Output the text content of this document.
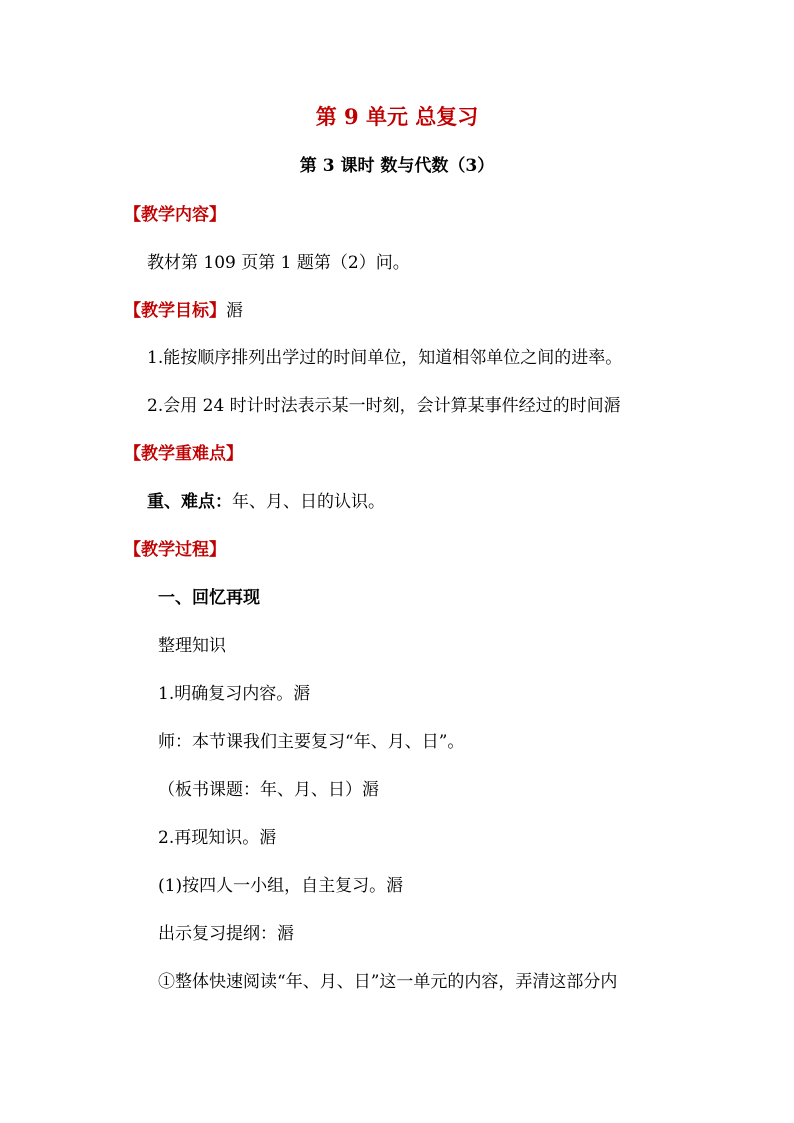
第 9 单元 总复习
第 3 课时 数与代数（3）
【教学内容】
教材第 109 页第 1 题第（2）问。
【教学目标】滣
1.能按顺序排列出学过的时间单位，知道相邻单位之间的进率。
2.会用 24 时计时法表示某一时刻，会计算某事件经过的时间滣
【教学重难点】
重、难点：年、月、日的认识。
【教学过程】
一、回忆再现
整理知识
1.明确复习内容。滣
师：本节课我们主要复习“年、月、日”。
（板书课题：年、月、日）滣
2.再现知识。滣
(1)按四人一小组，自主复习。滣
出示复习提纲：滣
①整体快速阅读“年、月、日”这一单元的内容，弄清这部分内
